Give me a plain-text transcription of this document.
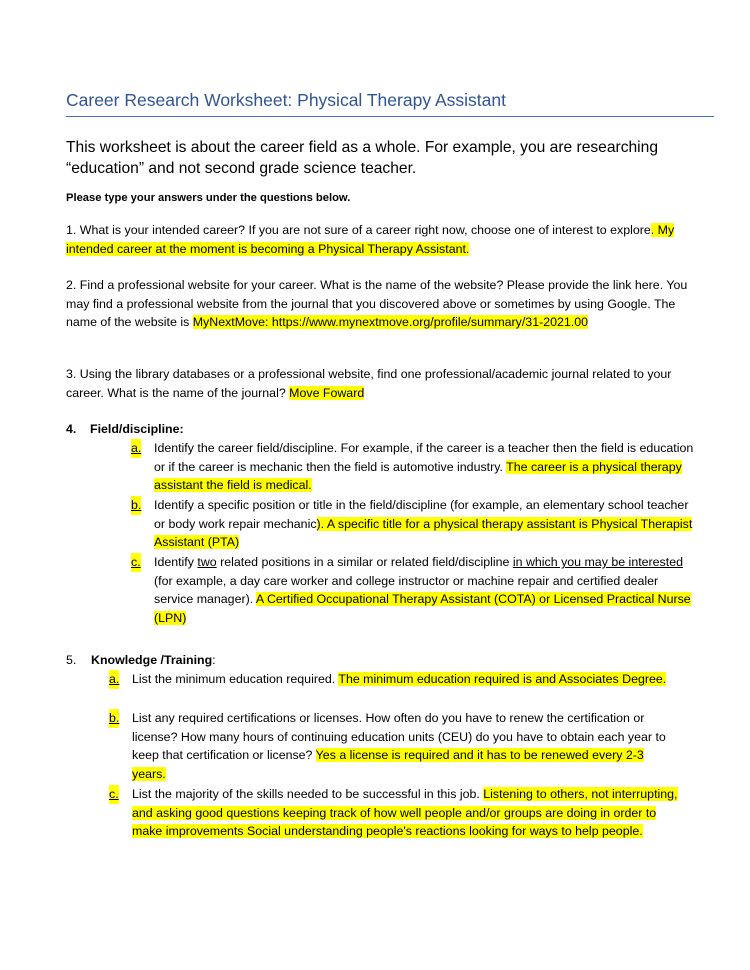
Career Research Worksheet: Physical Therapy Assistant
This worksheet is about the career field as a whole. For example, you are researching “education” and not second grade science teacher.
Please type your answers under the questions below.
1. What is your intended career? If you are not sure of a career right now, choose one of interest to explore. My intended career at the moment is becoming a Physical Therapy Assistant.
2. Find a professional website for your career. What is the name of the website? Please provide the link here. You may find a professional website from the journal that you discovered above or sometimes by using Google. The name of the website is MyNextMove: https://www.mynextmove.org/profile/summary/31-2021.00
3. Using the library databases or a professional website, find one professional/academic journal related to your career. What is the name of the journal? Move Foward
4. Field/discipline:
a. Identify the career field/discipline. For example, if the career is a teacher then the field is education or if the career is mechanic then the field is automotive industry. The career is a physical therapy assistant the field is medical.
b. Identify a specific position or title in the field/discipline (for example, an elementary school teacher or body work repair mechanic). A specific title for a physical therapy assistant is Physical Therapist Assistant (PTA)
c. Identify two related positions in a similar or related field/discipline in which you may be interested (for example, a day care worker and college instructor or machine repair and certified dealer service manager). A Certified Occupational Therapy Assistant (COTA) or Licensed Practical Nurse (LPN)
5. Knowledge /Training:
a. List the minimum education required. The minimum education required is and Associates Degree.
b. List any required certifications or licenses. How often do you have to renew the certification or license? How many hours of continuing education units (CEU) do you have to obtain each year to keep that certification or license? Yes a license is required and it has to be renewed every 2-3 years.
c. List the majority of the skills needed to be successful in this job. Listening to others, not interrupting, and asking good questions keeping track of how well people and/or groups are doing in order to make improvements Social understanding people's reactions looking for ways to help people.
